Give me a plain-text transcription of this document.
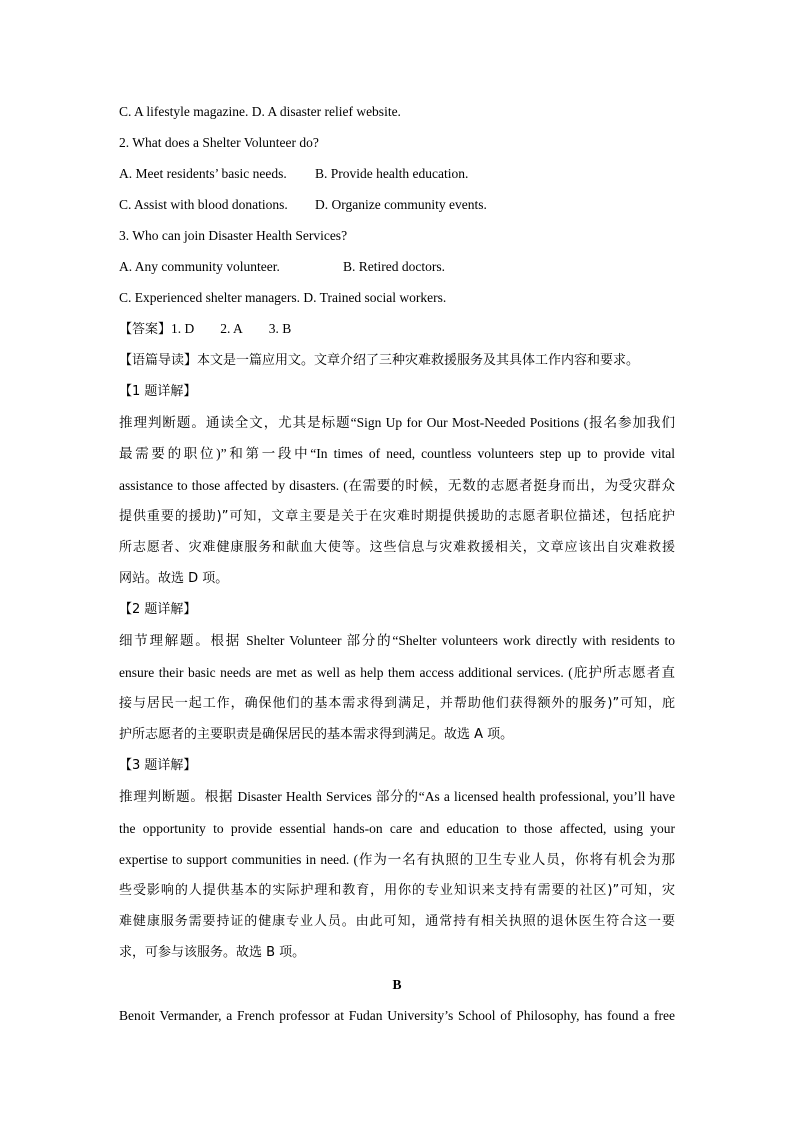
C. A lifestyle magazine. D. A disaster relief website.
2. What does a Shelter Volunteer do?
A. Meet residents’ basic needs. B. Provide health education.
C. Assist with blood donations. D. Organize community events.
3. Who can join Disaster Health Services?
A. Any community volunteer.	B. Retired doctors.
C. Experienced shelter managers. D. Trained social workers.
【答案】1. D 2. A 3. B
【语篇导读】本文是一篇应用文。文章介绍了三种灾难救援服务及其具体工作内容和要求。
【1 题详解】
推理判断题。通读全文，尤其是标题“Sign Up for Our Most-Needed Positions (报名参加我们
最需要的职位)”和第一段中“In times of need, countless volunteers step up to provide vital
assistance to those affected by disasters. (在需要的时候，无数的志愿者挺身而出，为受灾群众
提供重要的援助)”可知，文章主要是关于在灾难时期提供援助的志愿者职位描述，包括庇护
所志愿者、灾难健康服务和献血大使等。这些信息与灾难救援相关，文章应该出自灾难救援
网站。故选 D 项。
【2 题详解】
细节理解题。根据 Shelter Volunteer 部分的“Shelter volunteers work directly with residents to
ensure their basic needs are met as well as help them access additional services. (庇护所志愿者直
接与居民一起工作，确保他们的基本需求得到满足，并帮助他们获得额外的服务)”可知，庇
护所志愿者的主要职责是确保居民的基本需求得到满足。故选 A 项。
【3 题详解】
推理判断题。根据 Disaster Health Services 部分的“As a licensed health professional, you’ll have
the opportunity to provide essential hands-on care and education to those affected, using your
expertise to support communities in need. (作为一名有执照的卫生专业人员，你将有机会为那
些受影响的人提供基本的实际护理和教育，用你的专业知识来支持有需要的社区)”可知，灾
难健康服务需要持证的健康专业人员。由此可知，通常持有相关执照的退休医生符合这一要
求，可参与该服务。故选 B 项。
B
Benoit Vermander, a French professor at Fudan University’s School of Philosophy, has found a free
